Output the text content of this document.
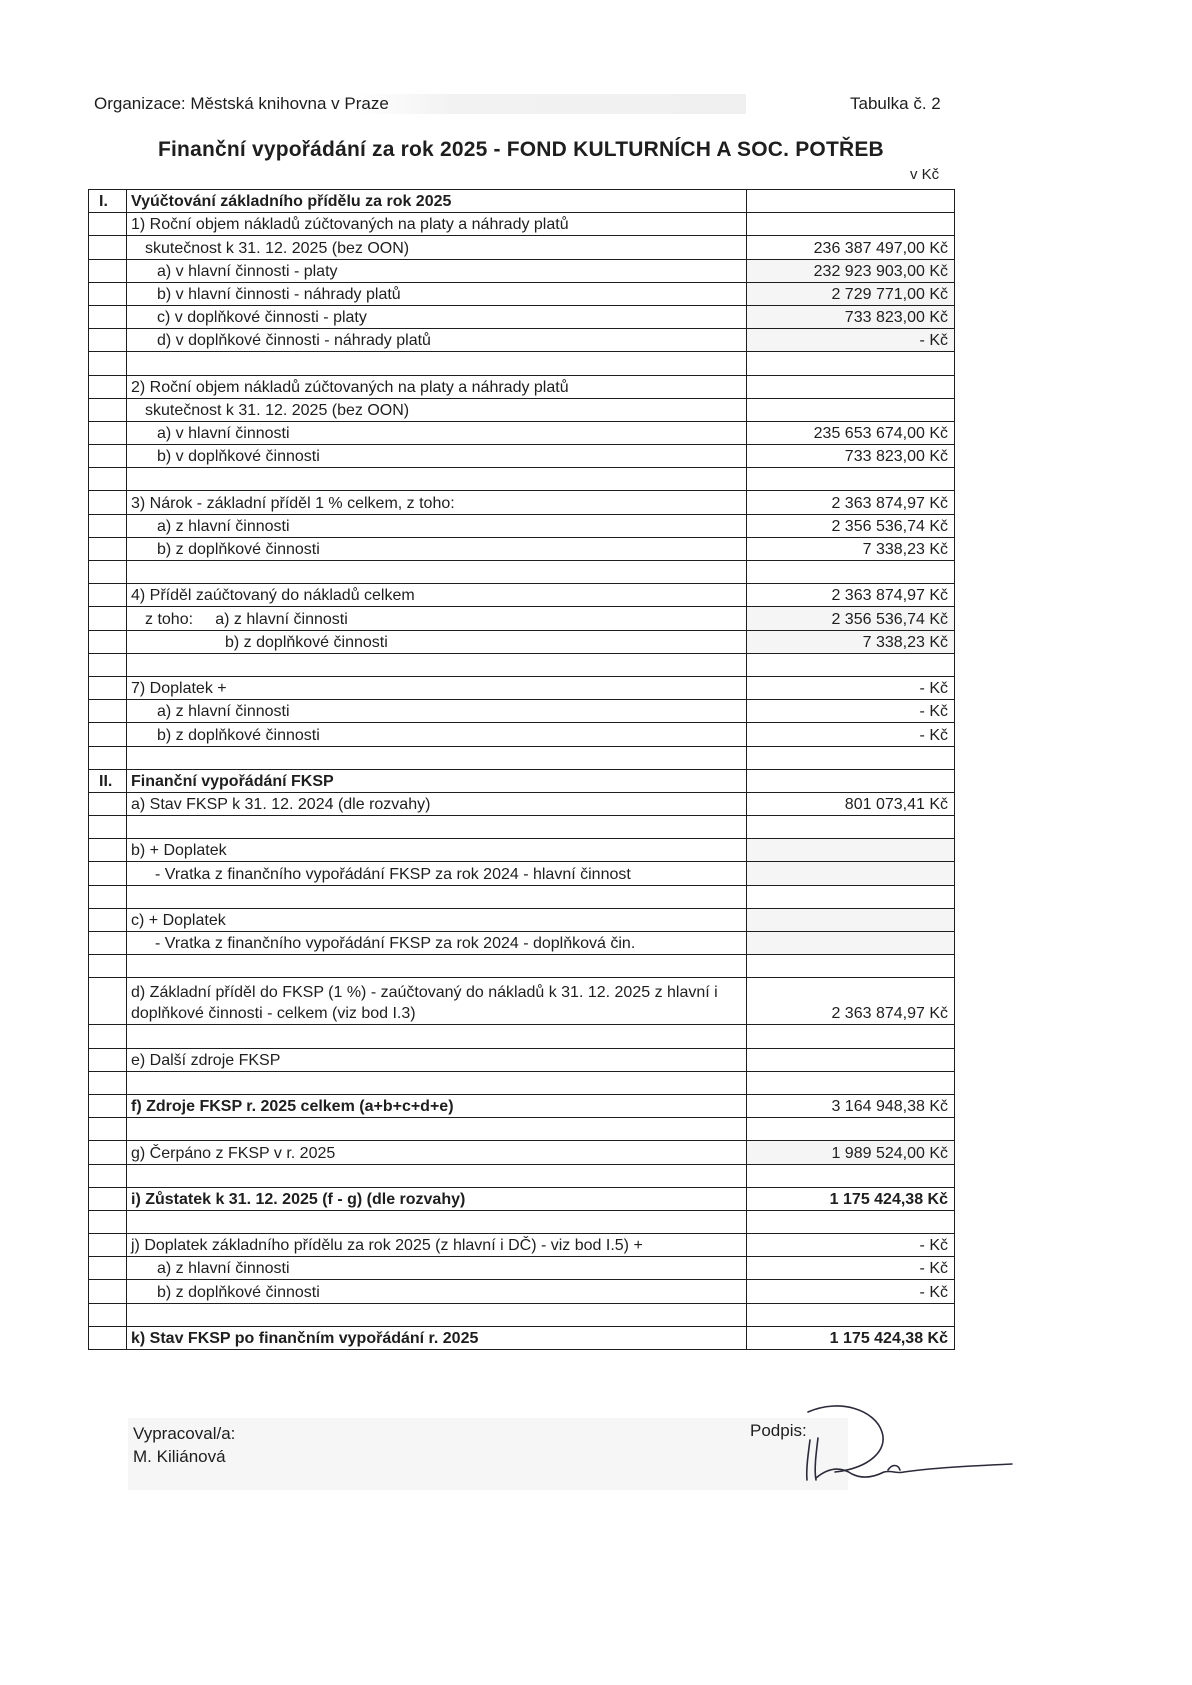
Organizace: Městská knihovna v Praze	Tabulka č. 2
Finanční vypořádání za rok 2025 - FOND KULTURNÍCH A SOC. POTŘEB
v Kč
I.	Vyúčtování základního přídělu za rok 2025	
	1) Roční objem nákladů zúčtovaných na platy a náhrady platů	
	skutečnost k 31. 12. 2025 (bez OON)	236 387 497,00 Kč
	a) v hlavní činnosti - platy	232 923 903,00 Kč
	b) v hlavní činnosti - náhrady platů	2 729 771,00 Kč
	c) v doplňkové činnosti - platy	733 823,00 Kč
	d) v doplňkové činnosti - náhrady platů	- Kč

	2) Roční objem nákladů zúčtovaných na platy a náhrady platů	
	skutečnost k 31. 12. 2025 (bez OON)	
	a) v hlavní činnosti	235 653 674,00 Kč
	b) v doplňkové činnosti	733 823,00 Kč

	3) Nárok - základní příděl 1 % celkem, z toho:	2 363 874,97 Kč
	a) z hlavní činnosti	2 356 536,74 Kč
	b) z doplňkové činnosti	7 338,23 Kč

	4) Příděl zaúčtovaný do nákladů celkem	2 363 874,97 Kč
	z toho:     a) z hlavní činnosti	2 356 536,74 Kč
	b) z doplňkové činnosti	7 338,23 Kč

	7) Doplatek +	- Kč
	a) z hlavní činnosti	- Kč
	b) z doplňkové činnosti	- Kč

II.	Finanční vypořádání FKSP	
	a) Stav FKSP k 31. 12. 2024 (dle rozvahy)	801 073,41 Kč

	b) + Doplatek	
	- Vratka z finančního vypořádání FKSP za rok 2024 - hlavní činnost	

	c) + Doplatek	
	- Vratka z finančního vypořádání FKSP za rok 2024 - doplňková čin.	

	d) Základní příděl do FKSP (1 %) - zaúčtovaný do nákladů k 31. 12. 2025 z hlavní i doplňkové činnosti - celkem (viz bod I.3)	2 363 874,97 Kč

	e) Další zdroje FKSP	

	f) Zdroje FKSP r. 2025 celkem (a+b+c+d+e)	3 164 948,38 Kč

	g) Čerpáno z FKSP v r. 2025	1 989 524,00 Kč

	i) Zůstatek k 31. 12. 2025 (f - g) (dle rozvahy)	1 175 424,38 Kč

	j) Doplatek základního přídělu za rok 2025 (z hlavní i DČ) - viz bod I.5) +	- Kč
	a) z hlavní činnosti	- Kč
	b) z doplňkové činnosti	- Kč

	k) Stav FKSP po finančním vypořádání r. 2025	1 175 424,38 Kč
Vypracoval/a:
M. Kiliánová
Podpis:
